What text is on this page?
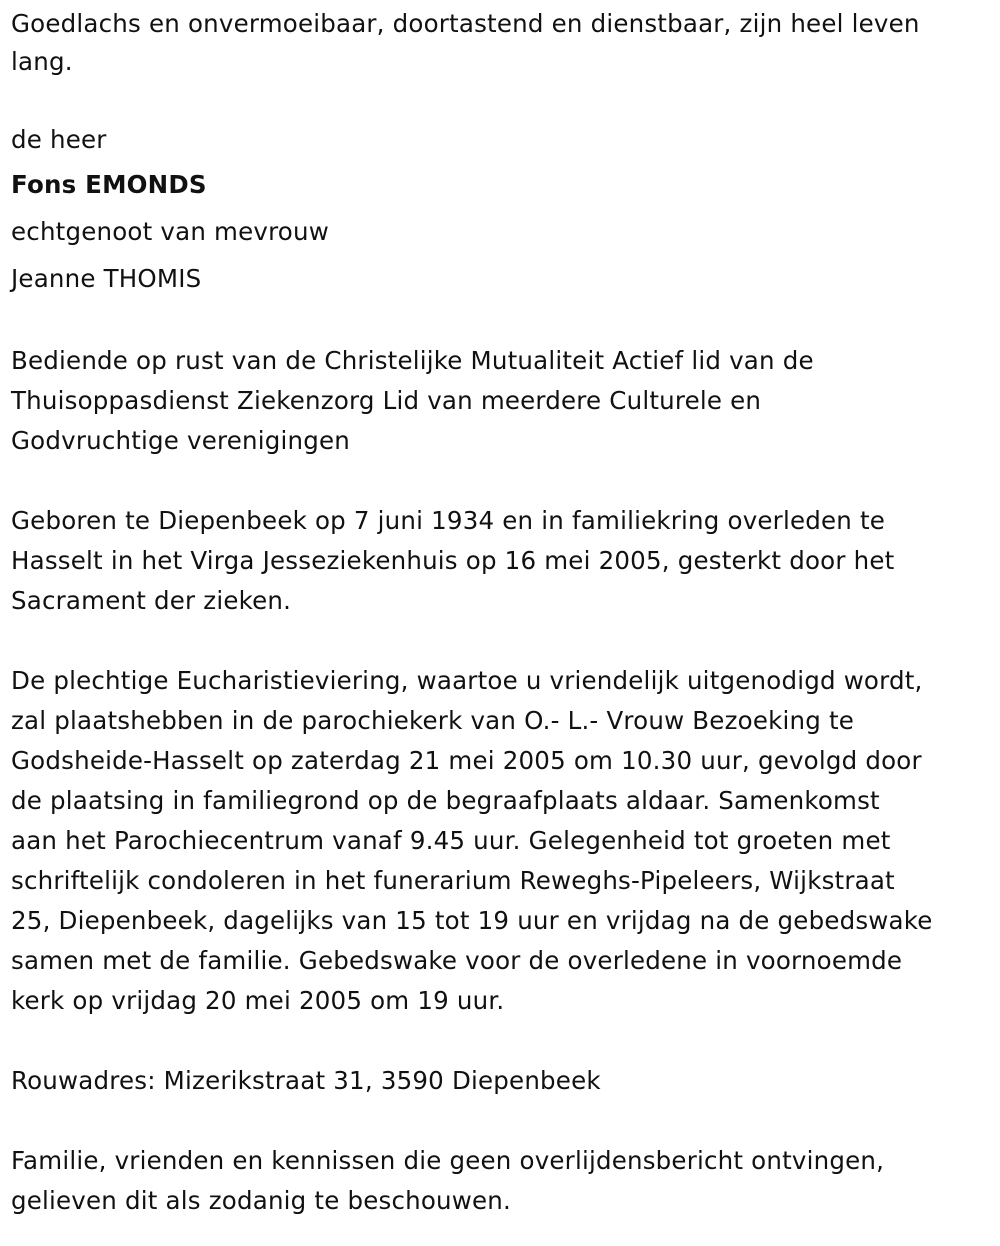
Goedlachs en onvermoeibaar, doortastend en dienstbaar, zijn heel leven

lang.

de heer

Fons EMONDS

echtgenoot van mevrouw

Jeanne THOMIS

Bediende op rust van de Christelijke Mutualiteit Actief lid van de

Thuisoppasdienst Ziekenzorg Lid van meerdere Culturele en

Godvruchtige verenigingen

Geboren te Diepenbeek op 7 juni 1934 en in familiekring overleden te

Hasselt in het Virga Jesseziekenhuis op 16 mei 2005, gesterkt door het

Sacrament der zieken.

De plechtige Eucharistieviering, waartoe u vriendelijk uitgenodigd wordt,

zal plaatshebben in de parochiekerk van O.- L.- Vrouw Bezoeking te

Godsheide-Hasselt op zaterdag 21 mei 2005 om 10.30 uur, gevolgd door

de plaatsing in familiegrond op de begraafplaats aldaar. Samenkomst

aan het Parochiecentrum vanaf 9.45 uur. Gelegenheid tot groeten met

schriftelijk condoleren in het funerarium Reweghs-Pipeleers, Wijkstraat

25, Diepenbeek, dagelijks van 15 tot 19 uur en vrijdag na de gebedswake

samen met de familie. Gebedswake voor de overledene in voornoemde

kerk op vrijdag 20 mei 2005 om 19 uur.

Rouwadres: Mizerikstraat 31, 3590 Diepenbeek

Familie, vrienden en kennissen die geen overlijdensbericht ontvingen,

gelieven dit als zodanig te beschouwen.
